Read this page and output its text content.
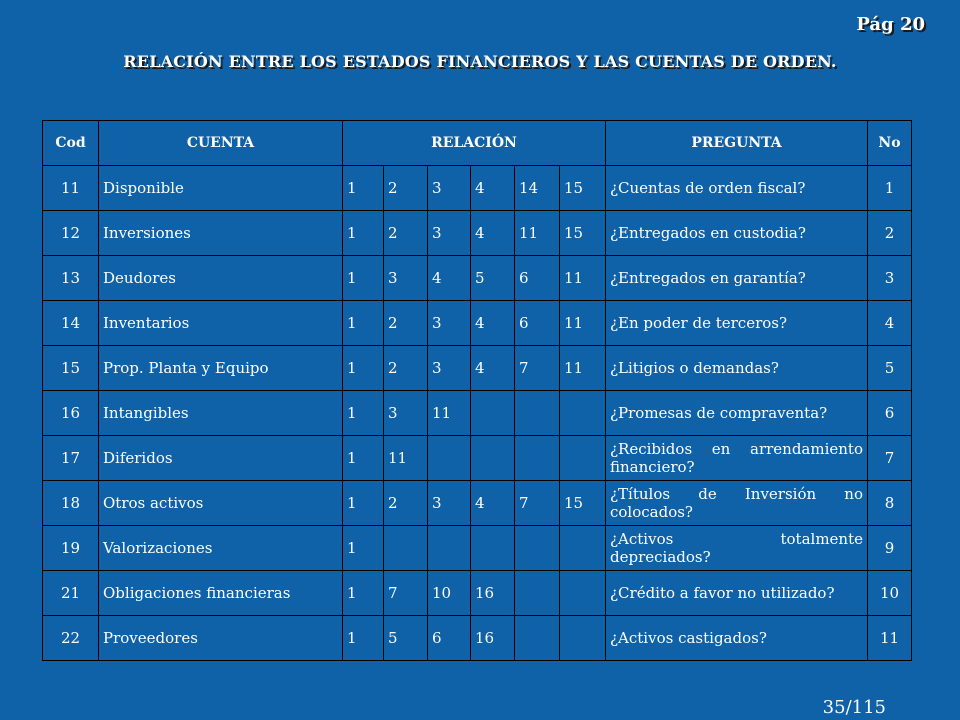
Pág 20
RELACIÓN ENTRE LOS ESTADOS FINANCIEROS Y LAS CUENTAS DE ORDEN.
Cod	CUENTA	RELACIÓN						PREGUNTA	No
11	Disponible	1	2	3	4	14	15	¿Cuentas de orden fiscal?	1
12	Inversiones	1	2	3	4	11	15	¿Entregados en custodia?	2
13	Deudores	1	3	4	5	6	11	¿Entregados en garantía?	3
14	Inventarios	1	2	3	4	6	11	¿En poder de terceros?	4
15	Prop. Planta y Equipo	1	2	3	4	7	11	¿Litigios o demandas?	5
16	Intangibles	1	3	11				¿Promesas de compraventa?	6
17	Diferidos	1	11					¿Recibidos en arrendamiento financiero?	7
18	Otros activos	1	2	3	4	7	15	¿Títulos de Inversión no colocados?	8
19	Valorizaciones	1						¿Activos totalmente depreciados?	9
21	Obligaciones financieras	1	7	10	16			¿Crédito a favor no utilizado?	10
22	Proveedores	1	5	6	16			¿Activos castigados?	11
35/115
